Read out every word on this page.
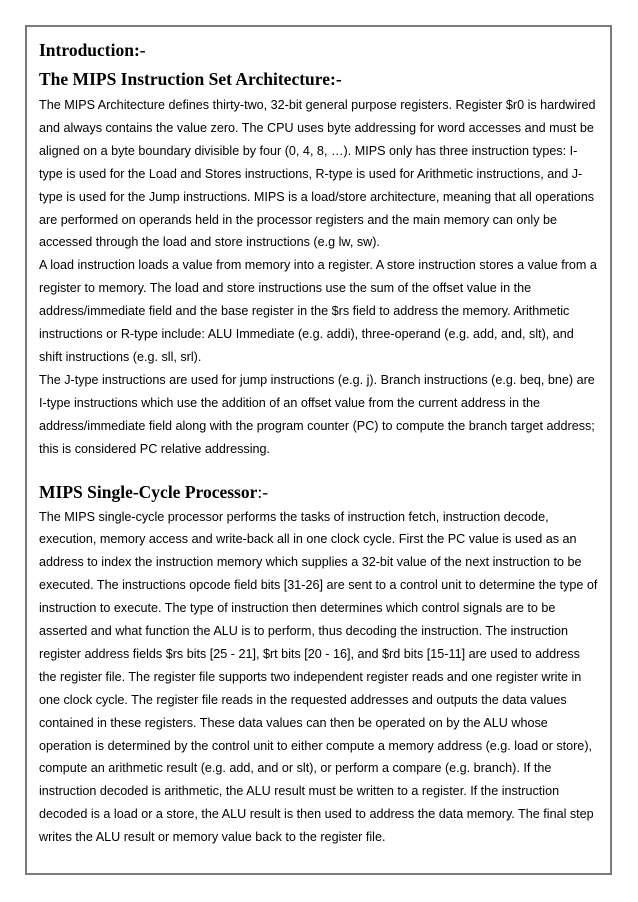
Introduction:-
The MIPS Instruction Set Architecture:-

The MIPS Architecture defines thirty-two, 32-bit general purpose registers. Register $r0 is hardwired and always contains the value zero. The CPU uses byte addressing for word accesses and must be aligned on a byte boundary divisible by four (0, 4, 8, …). MIPS only has three instruction types: I-type is used for the Load and Stores instructions, R-type is used for Arithmetic instructions, and J-type is used for the Jump instructions. MIPS is a load/store architecture, meaning that all operations are performed on operands held in the processor registers and the main memory can only be accessed through the load and store instructions (e.g lw, sw).

A load instruction loads a value from memory into a register. A store instruction stores a value from a register to memory. The load and store instructions use the sum of the offset value in the address/immediate field and the base register in the $rs field to address the memory. Arithmetic instructions or R-type include: ALU Immediate (e.g. addi), three-operand (e.g. add, and, slt), and shift instructions (e.g. sll, srl).

The J-type instructions are used for jump instructions (e.g. j). Branch instructions (e.g. beq, bne) are I-type instructions which use the addition of an offset value from the current address in the address/immediate field along with the program counter (PC) to compute the branch target address; this is considered PC relative addressing.

MIPS Single-Cycle Processor:-

The MIPS single-cycle processor performs the tasks of instruction fetch, instruction decode, execution, memory access and write-back all in one clock cycle. First the PC value is used as an address to index the instruction memory which supplies a 32-bit value of the next instruction to be executed. The instructions opcode field bits [31-26] are sent to a control unit to determine the type of instruction to execute. The type of instruction then determines which control signals are to be asserted and what function the ALU is to perform, thus decoding the instruction. The instruction register address fields $rs bits [25 - 21], $rt bits [20 - 16], and $rd bits [15-11] are used to address the register file. The register file supports two independent register reads and one register write in one clock cycle. The register file reads in the requested addresses and outputs the data values contained in these registers. These data values can then be operated on by the ALU whose operation is determined by the control unit to either compute a memory address (e.g. load or store), compute an arithmetic result (e.g. add, and or slt), or perform a compare (e.g. branch). If the instruction decoded is arithmetic, the ALU result must be written to a register. If the instruction decoded is a load or a store, the ALU result is then used to address the data memory. The final step writes the ALU result or memory value back to the register file.
